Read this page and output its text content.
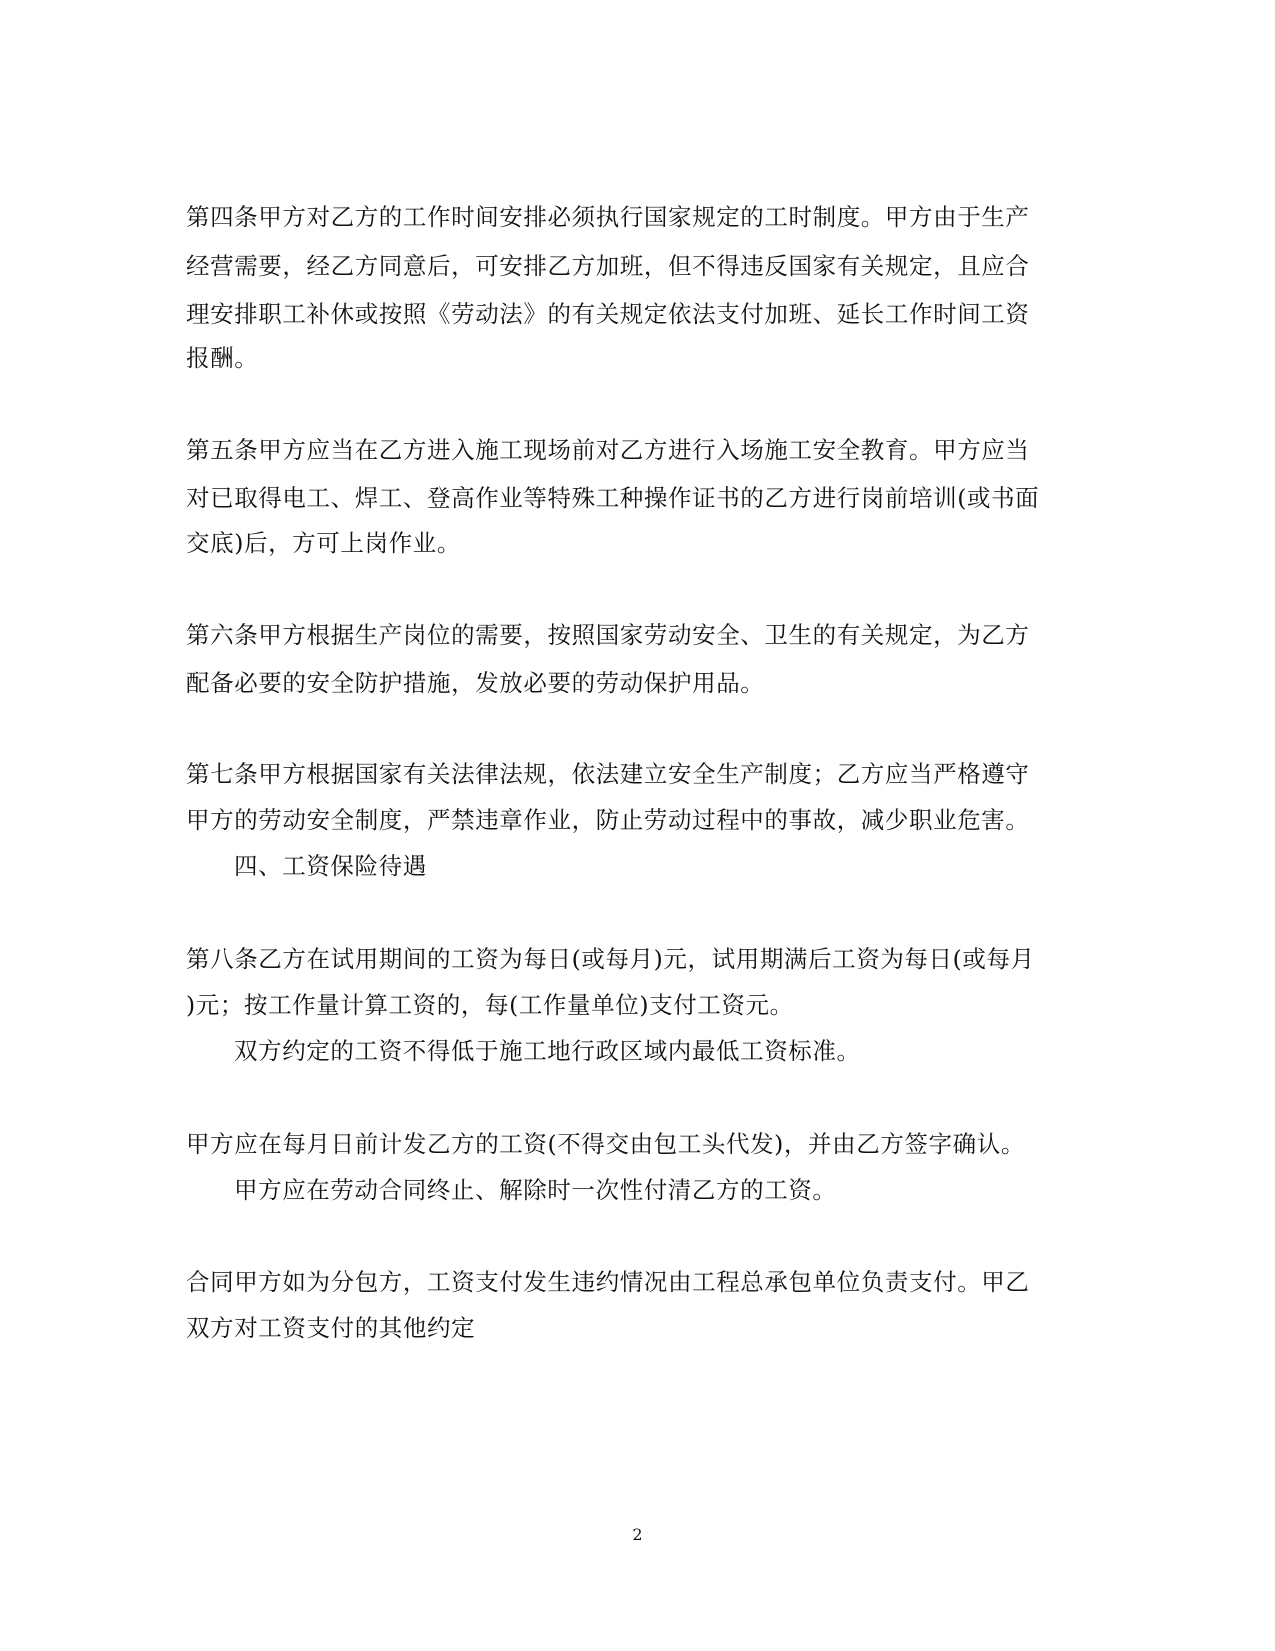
第四条甲方对乙方的工作时间安排必须执行国家规定的工时制度。甲方由于生产
经营需要，经乙方同意后，可安排乙方加班，但不得违反国家有关规定，且应合
理安排职工补休或按照《劳动法》的有关规定依法支付加班、延长工作时间工资
报酬。
第五条甲方应当在乙方进入施工现场前对乙方进行入场施工安全教育。甲方应当
对已取得电工、焊工、登高作业等特殊工种操作证书的乙方进行岗前培训(或书面
交底)后，方可上岗作业。
第六条甲方根据生产岗位的需要，按照国家劳动安全、卫生的有关规定，为乙方
配备必要的安全防护措施，发放必要的劳动保护用品。
第七条甲方根据国家有关法律法规，依法建立安全生产制度；乙方应当严格遵守
甲方的劳动安全制度，严禁违章作业，防止劳动过程中的事故，减少职业危害。
四、工资保险待遇
第八条乙方在试用期间的工资为每日(或每月)元，试用期满后工资为每日(或每月
)元；按工作量计算工资的，每(工作量单位)支付工资元。
双方约定的工资不得低于施工地行政区域内最低工资标准。
甲方应在每月日前计发乙方的工资(不得交由包工头代发)，并由乙方签字确认。
甲方应在劳动合同终止、解除时一次性付清乙方的工资。
合同甲方如为分包方，工资支付发生违约情况由工程总承包单位负责支付。甲乙
双方对工资支付的其他约定
2
